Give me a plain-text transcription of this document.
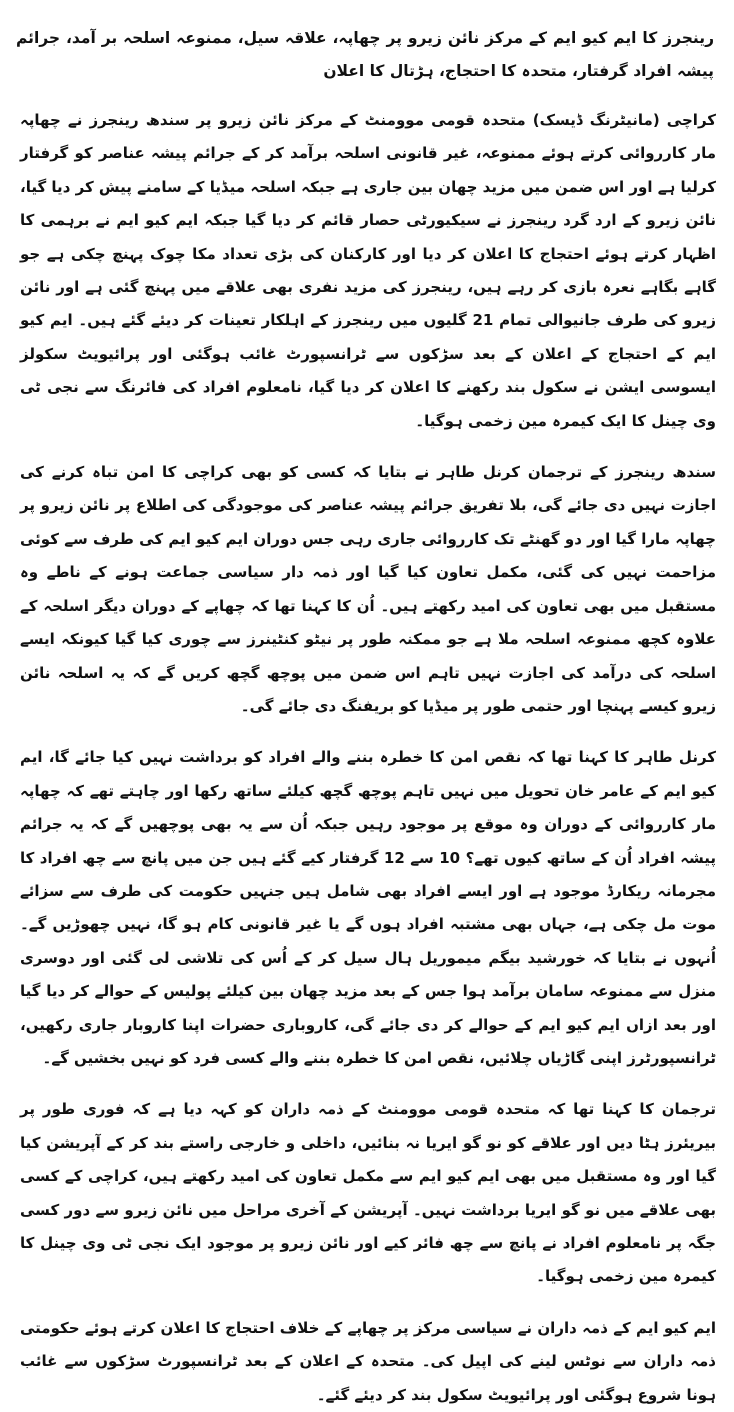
رینجرز کا ایم کیو ایم کے مرکز نائن زیرو پر چھاپہ، علاقہ سیل، ممنوعہ اسلحہ بر آمد، جرائم پیشہ افراد گرفتار، متحدہ کا احتجاج، ہڑتال کا اعلان

کراچی (مانیٹرنگ ڈیسک) متحدہ قومی موومنٹ کے مرکز نائن زیرو پر سندھ رینجرز نے چھاپہ مار کارروائی کرتے ہوئے ممنوعہ، غیر قانونی اسلحہ برآمد کر کے جرائم پیشہ عناصر کو گرفتار کرلیا ہے اور اس ضمن میں مزید چھان بین جاری ہے جبکہ اسلحہ میڈیا کے سامنے پیش کر دیا گیا، نائن زیرو کے ارد گرد رینجرز نے سیکیورٹی حصار قائم کر دیا گیا جبکہ ایم کیو ایم نے برہمی کا اظہار کرتے ہوئے احتجاج کا اعلان کر دیا اور کارکنان کی بڑی تعداد مکا چوک پہنچ چکی ہے جو گاہے بگاہے نعرہ بازی کر رہے ہیں، رینجرز کی مزید نفری بھی علاقے میں پہنچ گئی ہے اور نائن زیرو کی طرف جانیوالی تمام 21 گلیوں میں رینجرز کے اہلکار تعینات کر دیئے گئے ہیں۔ ایم کیو ایم کے احتجاج کے اعلان کے بعد سڑکوں سے ٹرانسپورٹ غائب ہوگئی اور پرائیویٹ سکولز ایسوسی ایشن نے سکول بند رکھنے کا اعلان کر دیا گیا، نامعلوم افراد کی فائرنگ سے نجی ٹی وی چینل کا ایک کیمرہ مین زخمی ہوگیا۔

سندھ رینجرز کے ترجمان کرنل طاہر نے بتایا کہ کسی کو بھی کراچی کا امن تباہ کرنے کی اجازت نہیں دی جائے گی، بلا تفریق جرائم پیشہ عناصر کی موجودگی کی اطلاع پر نائن زیرو پر چھاپہ مارا گیا اور دو گھنٹے تک کارروائی جاری رہی جس دوران ایم کیو ایم کی طرف سے کوئی مزاحمت نہیں کی گئی، مکمل تعاون کیا گیا اور ذمہ دار سیاسی جماعت ہونے کے ناطے وہ مستقبل میں بھی تعاون کی امید رکھتے ہیں۔ اُن کا کہنا تھا کہ چھاپے کے دوران دیگر اسلحہ کے علاوہ کچھ ممنوعہ اسلحہ ملا ہے جو ممکنہ طور پر نیٹو کنٹینرز سے چوری کیا گیا کیونکہ ایسے اسلحہ کی درآمد کی اجازت نہیں تاہم اس ضمن میں پوچھ گچھ کریں گے کہ یہ اسلحہ نائن زیرو کیسے پہنچا اور حتمی طور پر میڈیا کو بریفنگ دی جائے گی۔

کرنل طاہر کا کہنا تھا کہ نقص امن کا خطرہ بننے والے افراد کو برداشت نہیں کیا جائے گا، ایم کیو ایم کے عامر خان تحویل میں نہیں تاہم پوچھ گچھ کیلئے ساتھ رکھا اور چاہتے تھے کہ چھاپہ مار کارروائی کے دوران وہ موقع پر موجود رہیں جبکہ اُن سے یہ بھی پوچھیں گے کہ یہ جرائم پیشہ افراد اُن کے ساتھ کیوں تھے؟ 10 سے 12 گرفتار کیے گئے ہیں جن میں پانچ سے چھ افراد کا مجرمانہ ریکارڈ موجود ہے اور ایسے افراد بھی شامل ہیں جنہیں حکومت کی طرف سے سزائے موت مل چکی ہے، جہاں بھی مشتبہ افراد ہوں گے یا غیر قانونی کام ہو گا، نہیں چھوڑیں گے۔ اُنہوں نے بتایا کہ خورشید بیگم میموریل ہال سیل کر کے اُس کی تلاشی لی گئی اور دوسری منزل سے ممنوعہ سامان برآمد ہوا جس کے بعد مزید چھان بین کیلئے پولیس کے حوالے کر دیا گیا اور بعد ازاں ایم کیو ایم کے حوالے کر دی جائے گی، کاروباری حضرات اپنا کاروبار جاری رکھیں، ٹرانسپورٹرز اپنی گاڑیاں چلائیں، نقص امن کا خطرہ بننے والے کسی فرد کو نہیں بخشیں گے۔

ترجمان کا کہنا تھا کہ متحدہ قومی موومنٹ کے ذمہ داران کو کہہ دیا ہے کہ فوری طور پر بیریئرز ہٹا دیں اور علاقے کو نو گو ایریا نہ بنائیں، داخلی و خارجی راستے بند کر کے آپریشن کیا گیا اور وہ مستقبل میں بھی ایم کیو ایم سے مکمل تعاون کی امید رکھتے ہیں، کراچی کے کسی بھی علاقے میں نو گو ایریا برداشت نہیں۔ آپریشن کے آخری مراحل میں نائن زیرو سے دور کسی جگہ پر نامعلوم افراد نے پانچ سے چھ فائر کیے اور نائن زیرو پر موجود ایک نجی ٹی وی چینل کا کیمرہ مین زخمی ہوگیا۔

ایم کیو ایم کے ذمہ داران نے سیاسی مرکز پر چھاپے کے خلاف احتجاج کا اعلان کرتے ہوئے حکومتی ذمہ داران سے نوٹس لینے کی اپیل کی۔ متحدہ کے اعلان کے بعد ٹرانسپورٹ سڑکوں سے غائب ہونا شروع ہوگئی اور پرائیویٹ سکول بند کر دیئے گئے۔
